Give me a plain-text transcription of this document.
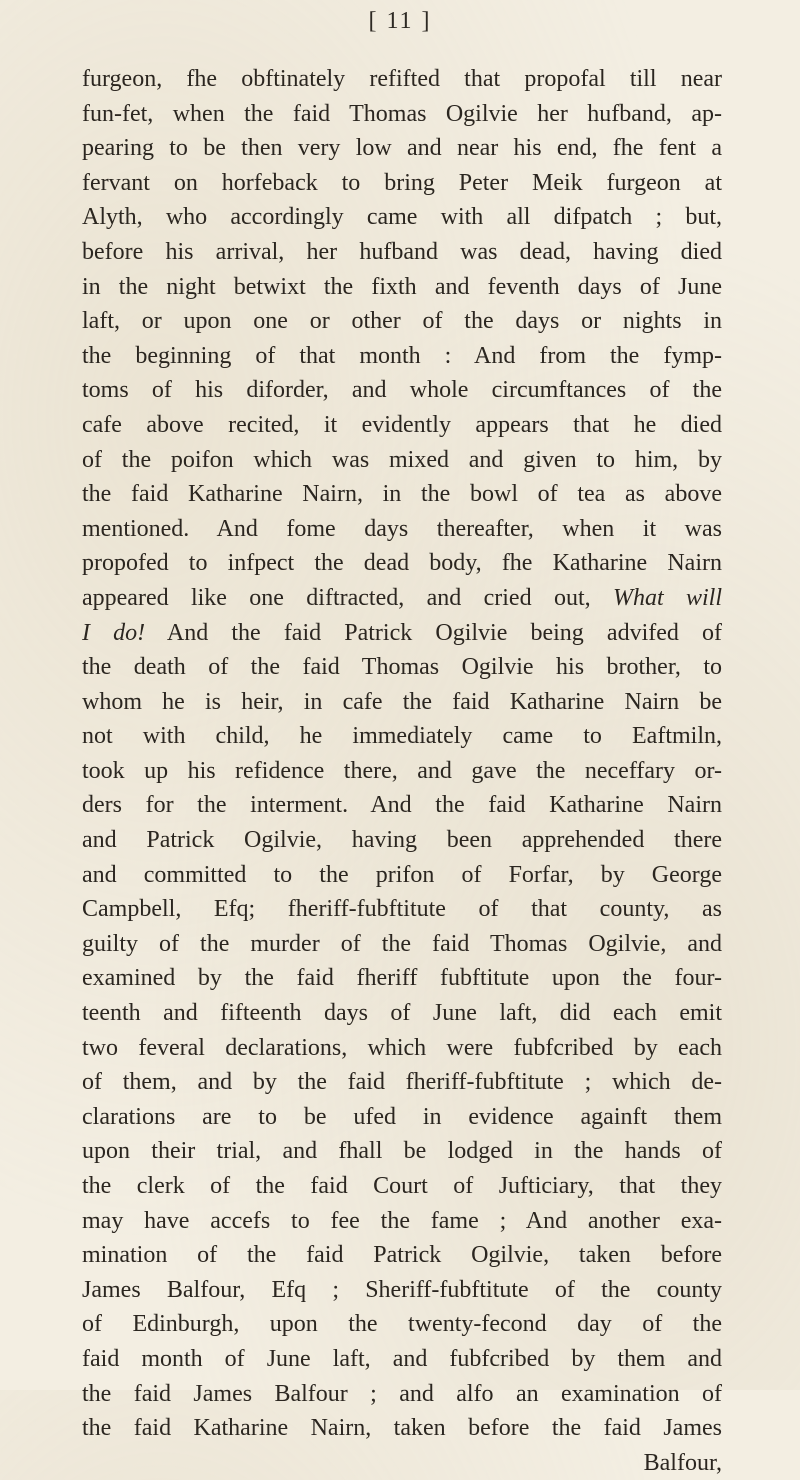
[ 11 ]
furgeon, fhe obftinately refifted that propofal till near
fun-fet, when the faid Thomas Ogilvie her hufband, ap-
pearing to be then very low and near his end, fhe fent a
fervant on horfeback to bring Peter Meik furgeon at
Alyth, who accordingly came with all difpatch ; but,
before his arrival, her hufband was dead, having died
in the night betwixt the fixth and feventh days of June
laft, or upon one or other of the days or nights in
the beginning of that month : And from the fymp-
toms of his diforder, and whole circumftances of the
cafe above recited, it evidently appears that he died
of the poifon which was mixed and given to him, by
the faid Katharine Nairn, in the bowl of tea as above
mentioned. And fome days thereafter, when it was
propofed to infpect the dead body, fhe Katharine Nairn
appeared like one diftracted, and cried out, What will
I do! And the faid Patrick Ogilvie being advifed of
the death of the faid Thomas Ogilvie his brother, to
whom he is heir, in cafe the faid Katharine Nairn be
not with child, he immediately came to Eaftmiln,
took up his refidence there, and gave the neceffary or-
ders for the interment. And the faid Katharine Nairn
and Patrick Ogilvie, having been apprehended there
and committed to the prifon of Forfar, by George
Campbell, Efq; fheriff-fubftitute of that county, as
guilty of the murder of the faid Thomas Ogilvie, and
examined by the faid fheriff fubftitute upon the four-
teenth and fifteenth days of June laft, did each emit
two feveral declarations, which were fubfcribed by each
of them, and by the faid fheriff-fubftitute ; which de-
clarations are to be ufed in evidence againft them
upon their trial, and fhall be lodged in the hands of
the clerk of the faid Court of Jufticiary, that they
may have accefs to fee the fame ; And another exa-
mination of the faid Patrick Ogilvie, taken before
James Balfour, Efq ; Sheriff-fubftitute of the county
of Edinburgh, upon the twenty-fecond day of the
faid month of June laft, and fubfcribed by them and
the faid James Balfour ; and alfo an examination of
the faid Katharine Nairn, taken before the faid James
Balfour,
